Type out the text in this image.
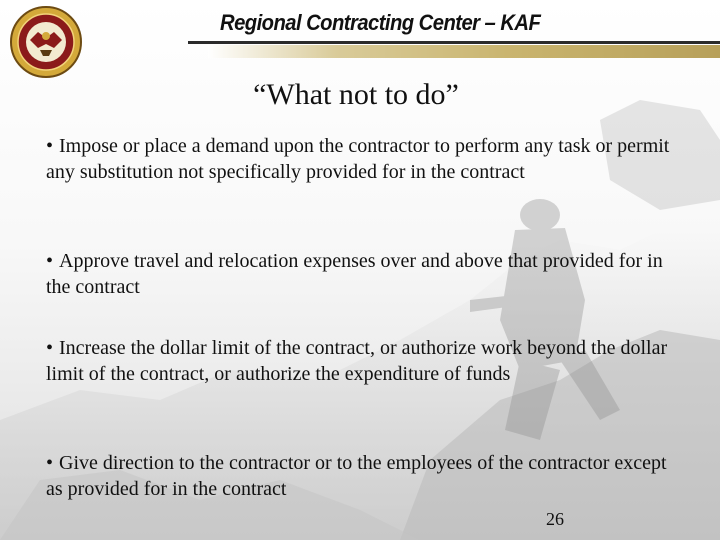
Regional Contracting Center – KAF
“What not to do”
• Impose or place a demand upon the contractor to perform any task or permit any substitution not specifically provided for in the contract
• Approve travel and relocation expenses over and above that provided for in the contract
• Increase the dollar limit of the contract, or authorize work beyond the dollar limit of the contract, or authorize the expenditure of funds
• Give direction to the contractor or to the employees of the contractor except as provided for in the contract
26
